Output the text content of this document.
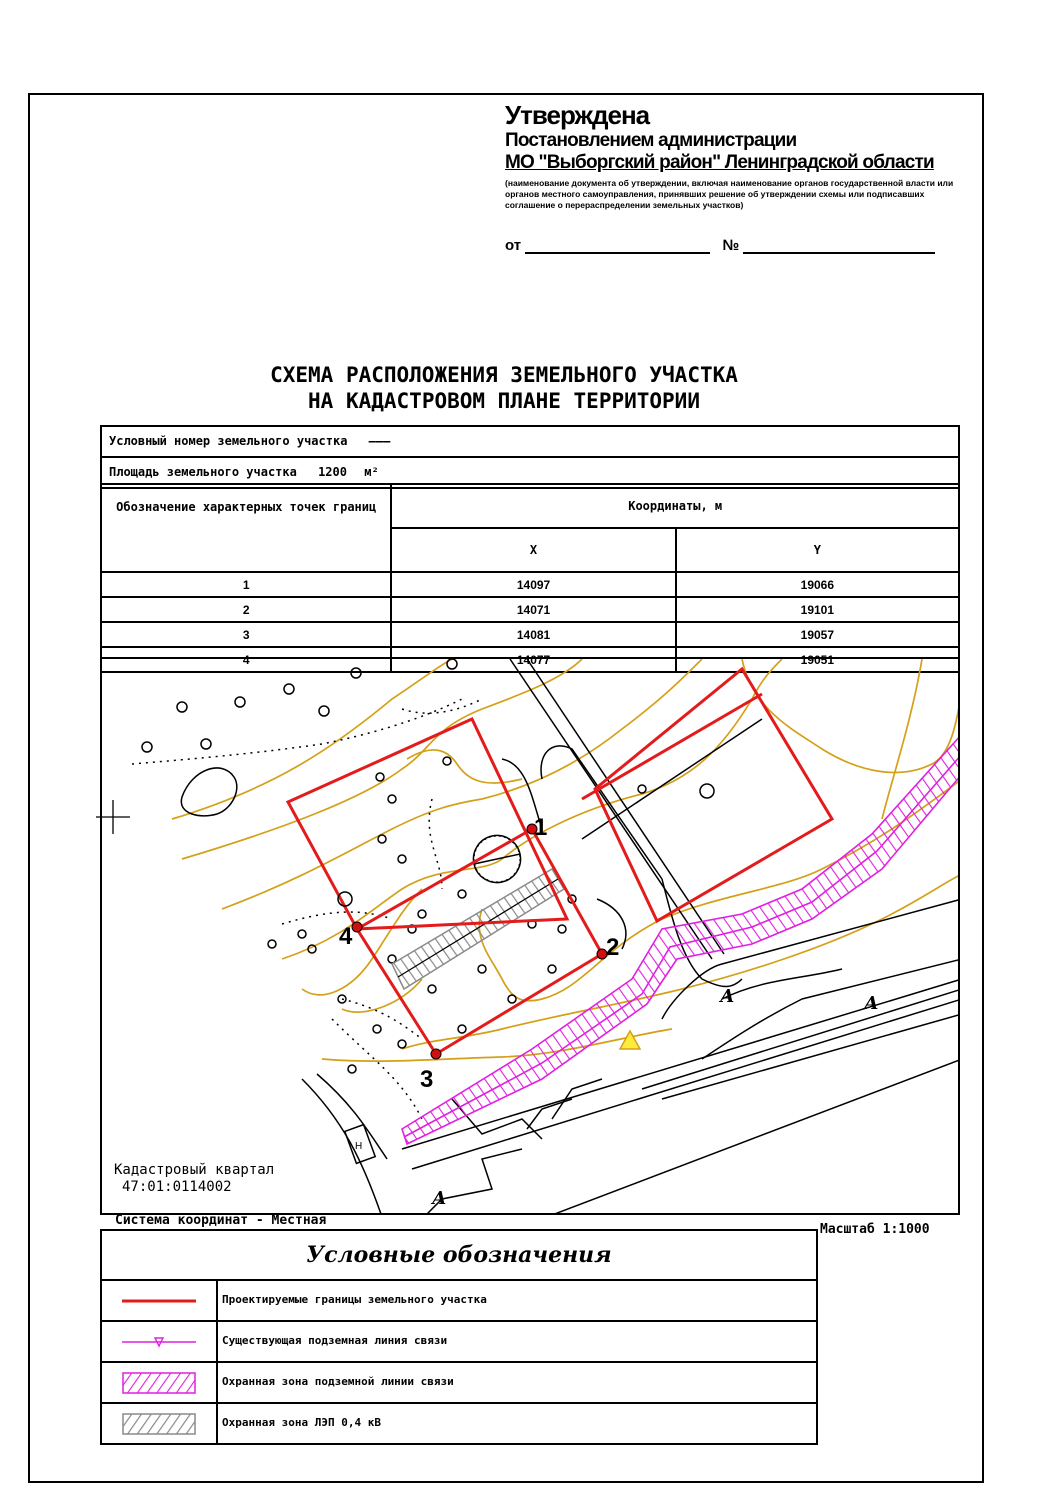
Утверждена
Постановлением администрации
МО "Выборгский район" Ленинградской области
(наименование документа об утверждении, включая наименование органов государственной власти или органов местного самоуправления, принявших решение об утверждении схемы или подписавших соглашение о перераспределении земельных участков)
от	№
СХЕМА РАСПОЛОЖЕНИЯ ЗЕМЕЛЬНОГО УЧАСТКА
НА КАДАСТРОВОМ ПЛАНЕ ТЕРРИТОРИИ
Условный номер земельного участка ———
Площадь земельного участка 1200 м²
Обозначение характерных точек границ	Координаты, м	
	X	Y
1	14097	19066
2	14071	19101
3	14081	19057
4	14077	19051
1
2
3
4
А	А
А
Н
Кадастровый квартал
47:01:0114002
Система координат - Местная
Масштаб 1:1000
Условные обозначения
Проектируемые границы земельного участка
Существующая подземная линия связи
Охранная зона подземной линии связи
Охранная зона ЛЭП 0,4 кВ
